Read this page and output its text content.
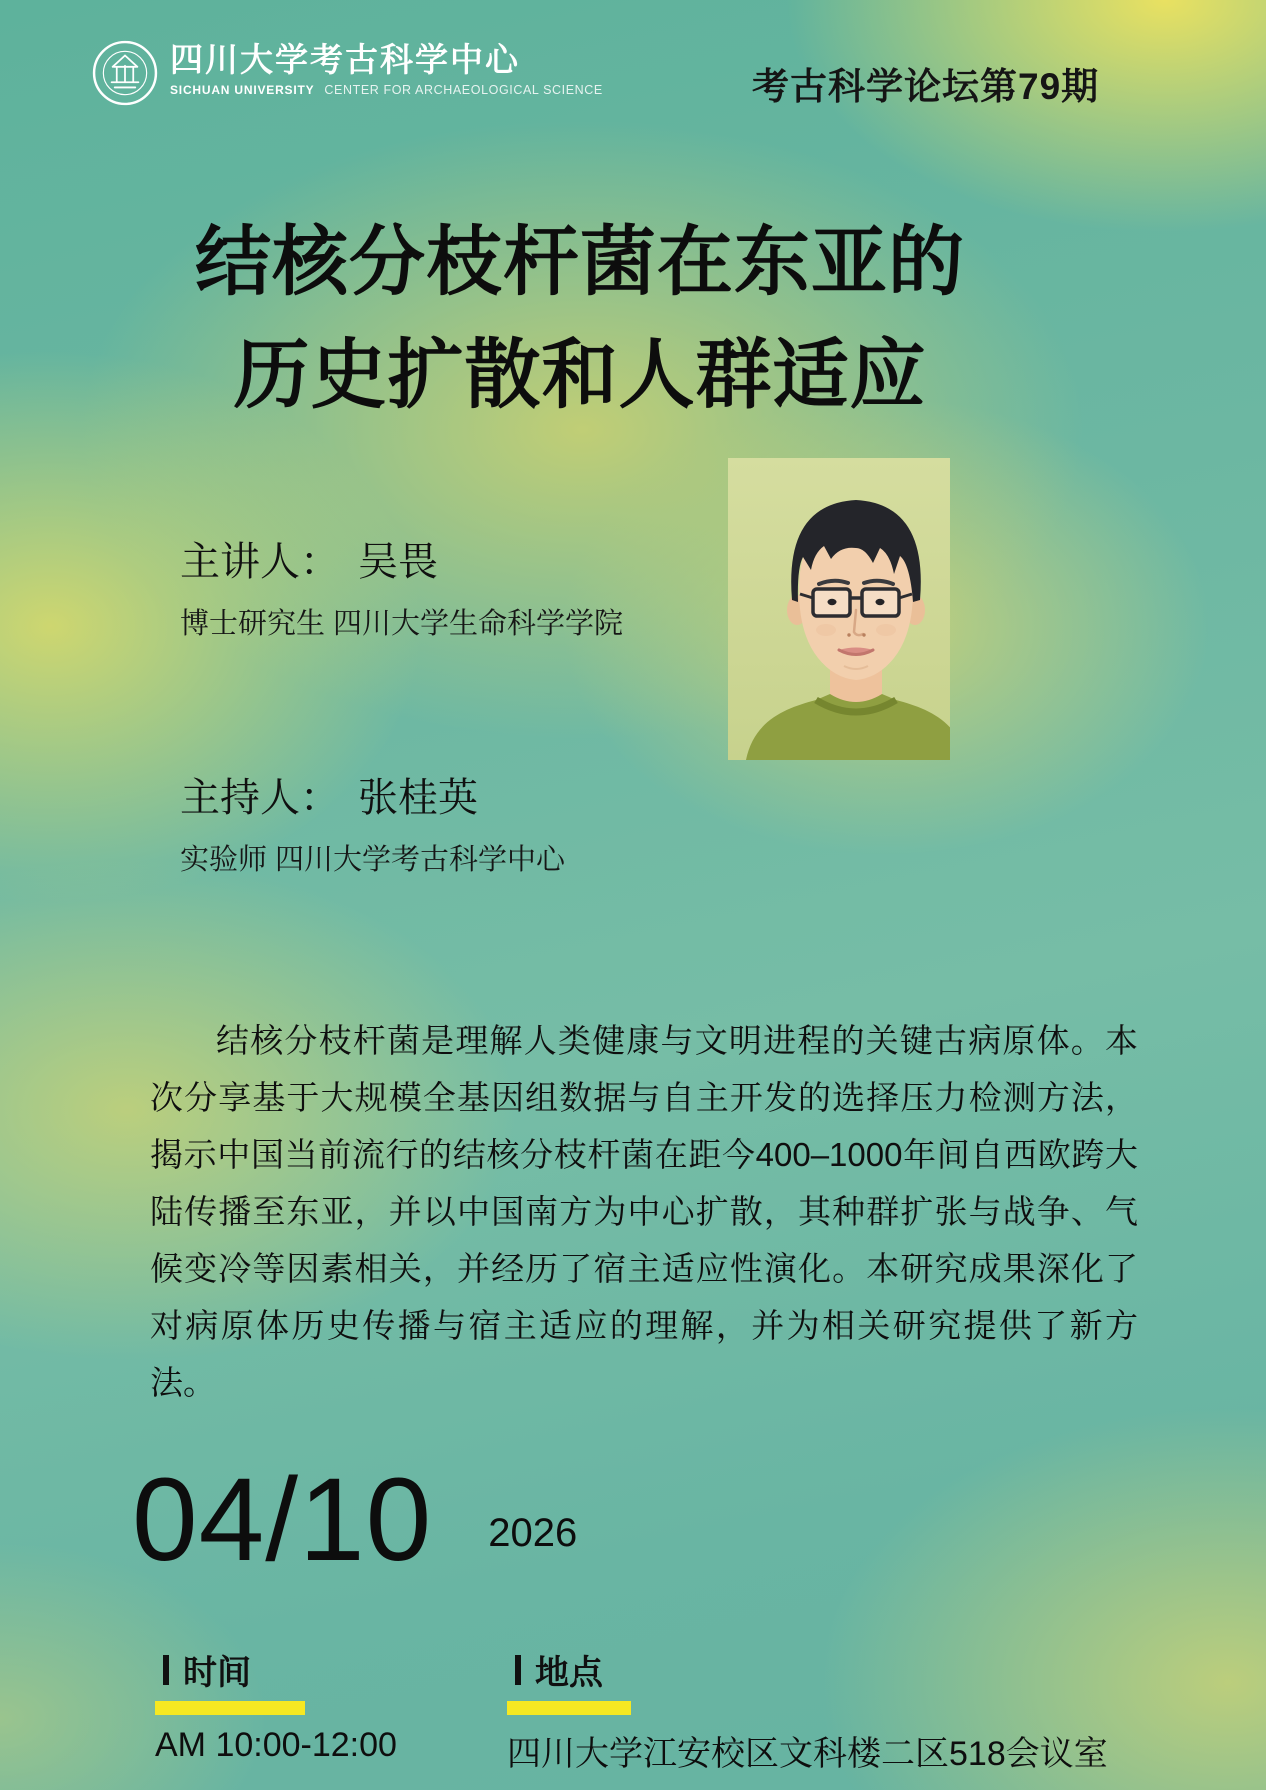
四川大学考古科学中心
SICHUAN UNIVERSITY CENTER FOR ARCHAEOLOGICAL SCIENCE	考古科学论坛第79期
结核分枝杆菌在东亚的
历史扩散和人群适应
主讲人： 吴畏
博士研究生 四川大学生命科学学院
主持人： 张桂英
实验师 四川大学考古科学中心

结核分枝杆菌是理解人类健康与文明进程的关键古病原体。本次分享基于大规模全基因组数据与自主开发的选择压力检测方法，揭示中国当前流行的结核分枝杆菌在距今400–1000年间自西欧跨大陆传播至东亚，并以中国南方为中心扩散，其种群扩张与战争、气候变冷等因素相关，并经历了宿主适应性演化。本研究成果深化了对病原体历史传播与宿主适应的理解，并为相关研究提供了新方法。

04/10 2026
时间
AM 10:00-12:00
地点
四川大学江安校区文科楼二区518会议室
